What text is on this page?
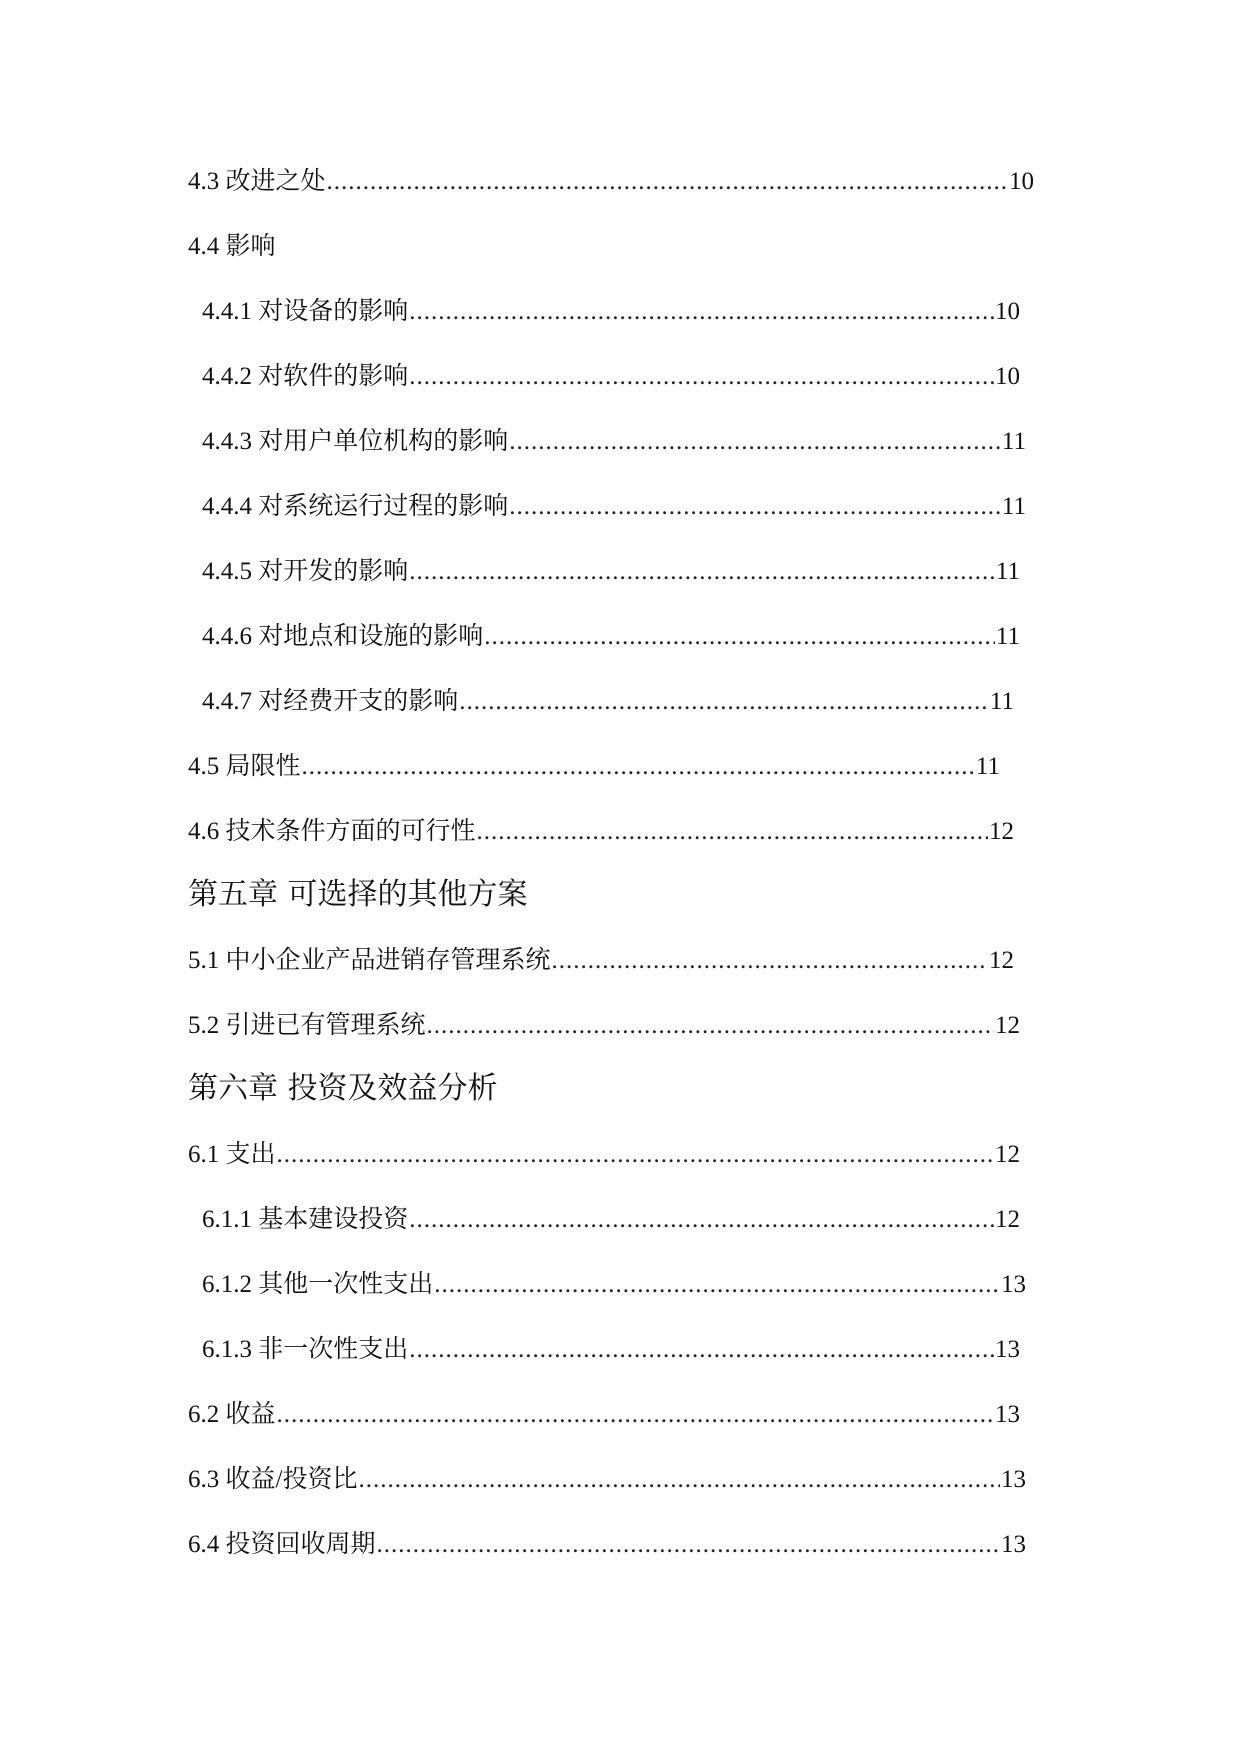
4.3 改进之处 .....	10
4.4 影响
4.4.1 对设备的影响 .....	10
4.4.2 对软件的影响 .....	10
4.4.3 对用户单位机构的影响 .....	11
4.4.4 对系统运行过程的影响 .....	11
4.4.5 对开发的影响 .....	11
4.4.6 对地点和设施的影响 .....	11
4.4.7 对经费开支的影响 .....	11
4.5 局限性 .....	11
4.6 技术条件方面的可行性 .....	12
第五章 可选择的其他方案
5.1 中小企业产品进销存管理系统 .....	12
5.2 引进已有管理系统 .....	12
第六章 投资及效益分析
6.1 支出 .....	12
6.1.1 基本建设投资 .....	12
6.1.2 其他一次性支出 .....	13
6.1.3 非一次性支出 .....	13
6.2 收益 .....	13
6.3 收益/投资比 .....	13
6.4 投资回收周期 .....	13
